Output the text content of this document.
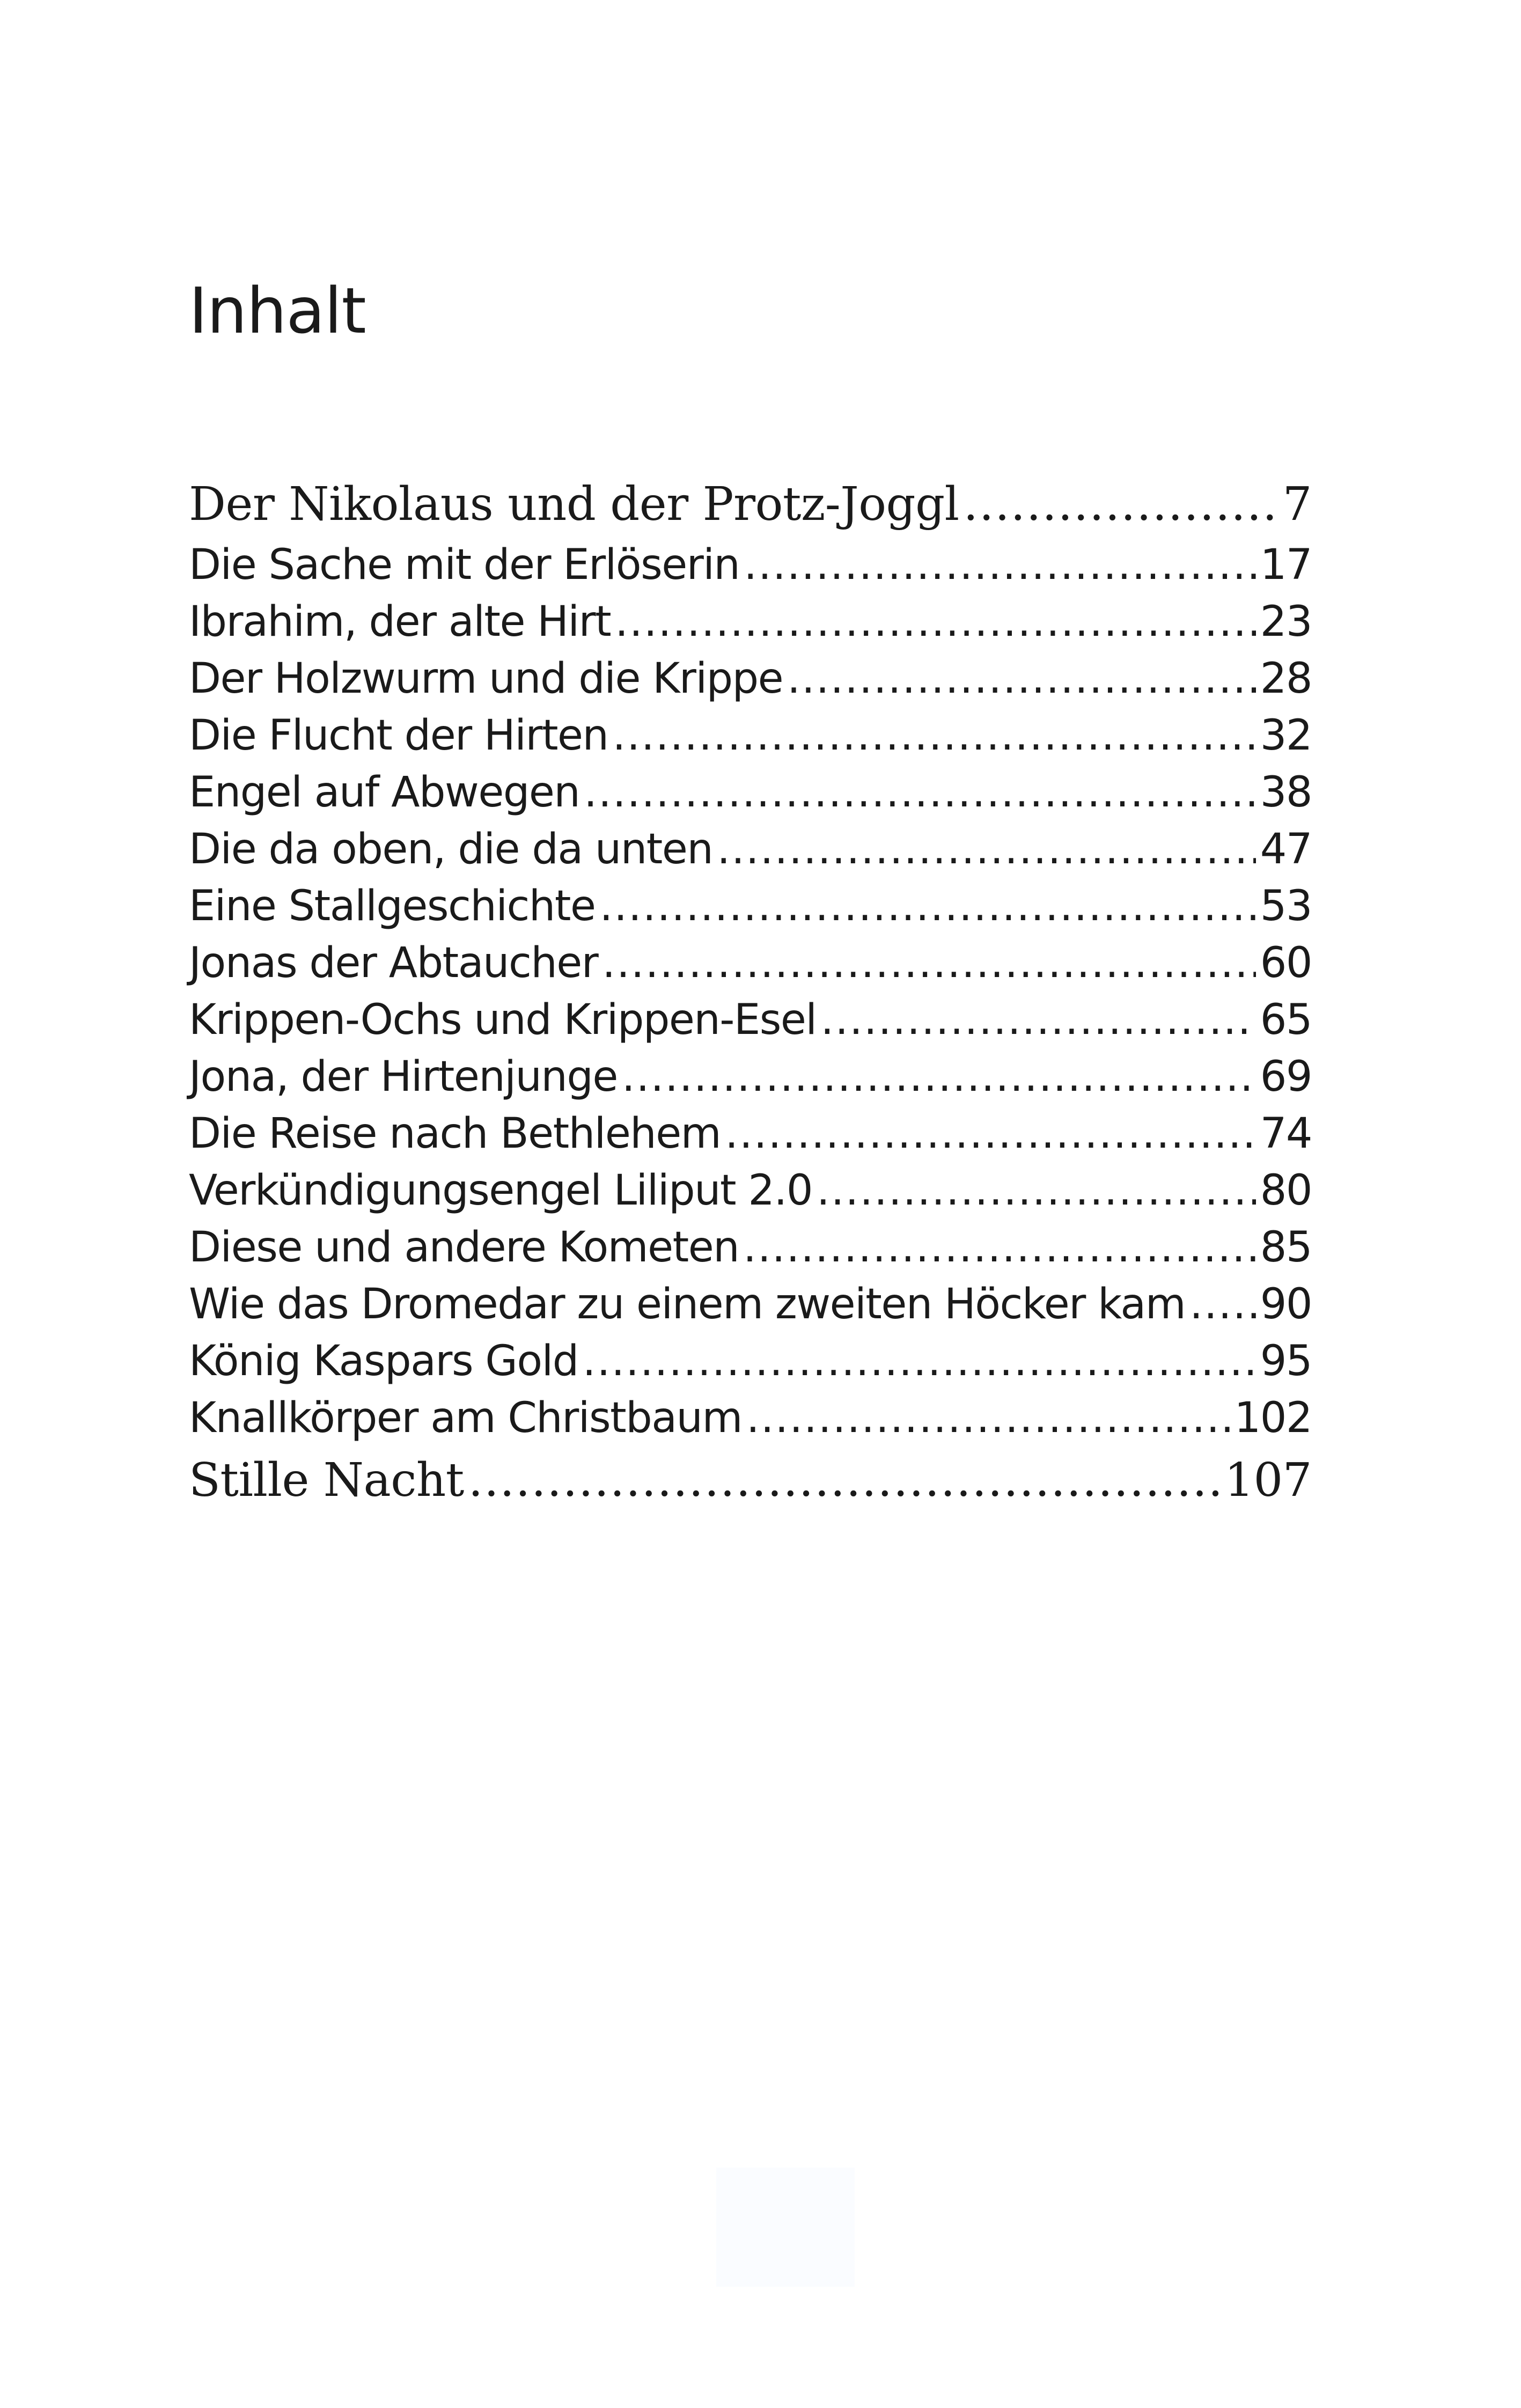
Inhalt
Der Nikolaus und der Protz-Joggl .....	7
Die Sache mit der Erlöserin .....	17
Ibrahim, der alte Hirt .....	23
Der Holzwurm und die Krippe .....	28
Die Flucht der Hirten .....	32
Engel auf Abwegen .....	38
Die da oben, die da unten .....	47
Eine Stallgeschichte .....	53
Jonas der Abtaucher .....	60
Krippen-Ochs und Krippen-Esel .....	65
Jona, der Hirtenjunge .....	69
Die Reise nach Bethlehem .....	74
Verkündigungsengel Liliput 2.0 .....	80
Diese und andere Kometen .....	85
Wie das Dromedar zu einem zweiten Höcker kam ..... 90
König Kaspars Gold .....	95
Knallkörper am Christbaum .....	102
Stille Nacht .....	107
